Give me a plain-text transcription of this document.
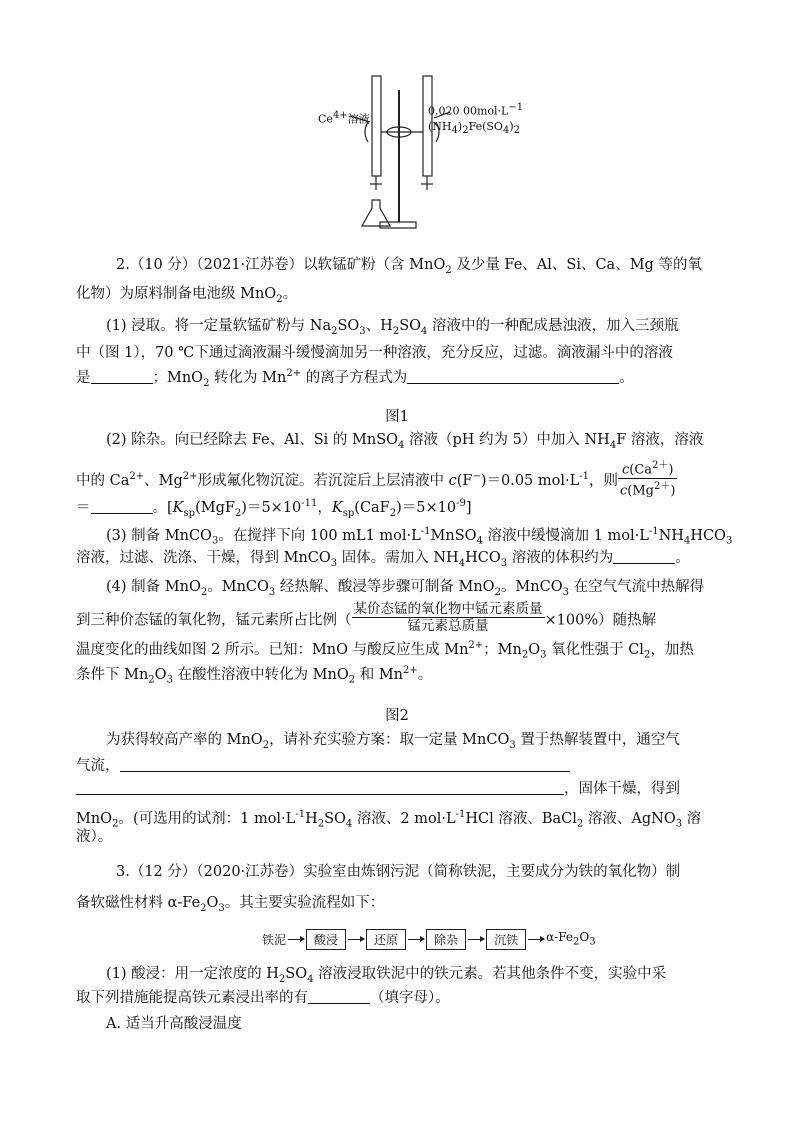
$Ce^{4+}$溶液
0.020 $00mol\cdot L^{-1}$
$(NH_4)_2Fe(SO_4)_2$
2.（10 分）（2021·江苏卷）以软锰矿粉（含 MnO$_2$ 及少量 Fe、Al、Si、Ca、Mg 等的氧
化物）为原料制备电池级 MnO$_2$。
(1) 浸取。将一定量软锰矿粉与 $Na_2SO_3$、$H_2SO_4$ 溶液中的一种配成悬浊液，加入三颈瓶
中（图 1），70 ℃下通过滴液漏斗缓慢滴加另一种溶液，充分反应，过滤。滴液漏斗中的溶液
是	；MnO$_2$ 转化为 $Mn^{2+}$ 的离子方程式为	。
图1
(2) 除杂。向已经除去 Fe、Al、Si 的 MnSO$_4$ 溶液（pH 约为 5）中加入 $NH_4F$ 溶液，溶液
中的 $Ca^{2+}$、$Mg^{2+}$形成氟化物沉淀。若沉淀后上层清液中 c(F−)＝0.05 $mol\cdot L^{-1}$，则 $\frac{c(Ca^{2+})}{c(Mg^{2+})}$
＝	。[$K_{sp}(MgF_2)=5\times 10^{-11}$，$K_{sp}(CaF_2)=5\times 10^{-9}$]
(3) 制备 MnCO$_3$。在搅拌下向 100 mL1 $mol\cdot L^{-1}MnSO_4$ 溶液中缓慢滴加 1 $mol\cdot L^{-1}NH_4HCO_3$
溶液，过滤、洗涤、干燥，得到 MnCO$_3$ 固体。需加入 $NH_4HCO_3$ 溶液的体积约为	。
(4) 制备 MnO$_2$。MnCO$_3$ 经热解、酸浸等步骤可制备 MnO$_2$。MnCO$_3$ 在空气气流中热解得
到三种价态锰的氧化物，锰元素所占比例（ $\frac{\text{某价态锰的氧化物中锰元素质量}}{\text{锰元素总质量}} \times 100\%$）随热解
温度变化的曲线如图 2 所示。已知：MnO 与酸反应生成 $Mn^{2+}$；$Mn_2O_3$ 氧化性强于 $Cl_2$，加热
条件下 $Mn_2O_3$ 在酸性溶液中转化为 MnO$_2$ 和 $Mn^{2+}$。
图2
为获得较高产率的 MnO$_2$，请补充实验方案：取一定量 MnCO$_3$ 置于热解装置中，通空气
气流，
，固体干燥，得到
MnO$_2$。(可选用的试剂：1 $mol\cdot L^{-1}H_2SO_4$ 溶液、2 $mol\cdot L^{-1}HCl$ 溶液、BaCl$_2$ 溶液、AgNO$_3$ 溶
液）。
3.（12 分）（2020·江苏卷）实验室由炼钢污泥（简称铁泥，主要成分为铁的氧化物）制
备软磁性材料 $\alpha-Fe_2O_3$。其主要实验流程如下：
铁泥	酸浸	还原	除杂	沉铁	$\alpha-Fe_2O_3$
(1) 酸浸：用一定浓度的 $H_2SO_4$ 溶液浸取铁泥中的铁元素。若其他条件不变，实验中采
取下列措施能提高铁元素浸出率的有	（填字母）。
A. 适当升高酸浸温度
